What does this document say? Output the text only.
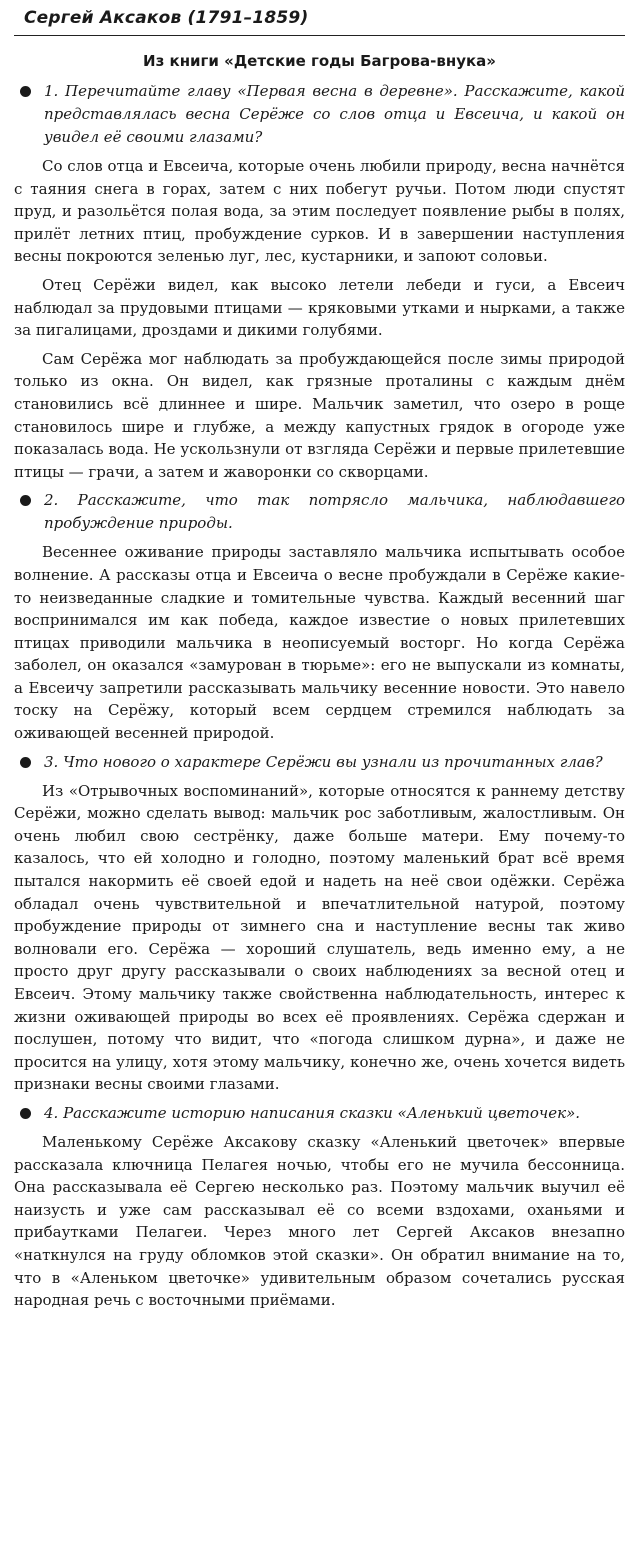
Сергей Аксаков (1791–1859)
Из книги «Детские годы Багрова-внука»
1. Перечитайте главу «Первая весна в деревне». Расскажите, какой представлялась весна Серёже со слов отца и Евсеича, и какой он увидел её своими глазами?

Со слов отца и Евсеича, которые очень любили природу, весна начнётся с таяния снега в горах, затем с них побегут ручьи. Потом люди спустят пруд, и разольётся полая вода, за этим последует появление рыбы в полях, прилёт летних птиц, пробуждение сурков. И в завершении наступления весны покроются зеленью луг, лес, кустарники, и запоют соловьи.

Отец Серёжи видел, как высоко летели лебеди и гуси, а Евсеич наблюдал за прудовыми птицами — кряковыми утками и нырками, а также за пигалицами, дроздами и дикими голубями.

Сам Серёжа мог наблюдать за пробуждающейся после зимы природой только из окна. Он видел, как грязные проталины с каждым днём становились всё длиннее и шире. Мальчик заметил, что озеро в роще становилось шире и глубже, а между капустных грядок в огороде уже показалась вода. Не ускользнули от взгляда Серёжи и первые прилетевшие птицы — грачи, а затем и жаворонки со скворцами.

2. Расскажите, что так потрясло мальчика, наблюдавшего пробуждение природы.

Весеннее оживание природы заставляло мальчика испытывать особое волнение. А рассказы отца и Евсеича о весне пробуждали в Серёже какие-то неизведанные сладкие и томительные чувства. Каждый весенний шаг воспринимался им как победа, каждое известие о новых прилетевших птицах приводили мальчика в неописуемый восторг. Но когда Серёжа заболел, он оказался «замурован в тюрьме»: его не выпускали из комнаты, а Евсеичу запретили рассказывать мальчику весенние новости. Это навело тоску на Серёжу, который всем сердцем стремился наблюдать за оживающей весенней природой.

3. Что нового о характере Серёжи вы узнали из прочитанных глав?

Из «Отрывочных воспоминаний», которые относятся к раннему детству Серёжи, можно сделать вывод: мальчик рос заботливым, жалостливым. Он очень любил свою сестрёнку, даже больше матери. Ему почему-то казалось, что ей холодно и голодно, поэтому маленький брат всё время пытался накормить её своей едой и надеть на неё свои одёжки. Серёжа обладал очень чувствительной и впечатлительной натурой, поэтому пробуждение природы от зимнего сна и наступление весны так живо волновали его. Серёжа — хороший слушатель, ведь именно ему, а не просто друг другу рассказывали о своих наблюдениях за весной отец и Евсеич. Этому мальчику также свойственна наблюдательность, интерес к жизни оживающей природы во всех её проявлениях. Серёжа сдержан и послушен, потому что видит, что «погода слишком дурна», и даже не просится на улицу, хотя этому мальчику, конечно же, очень хочется видеть признаки весны своими глазами.

4. Расскажите историю написания сказки «Аленький цветочек».

Маленькому Серёже Аксакову сказку «Аленький цветочек» впервые рассказала ключница Пелагея ночью, чтобы его не мучила бессонница. Она рассказывала её Сергею несколько раз. Поэтому мальчик выучил её наизусть и уже сам рассказывал её со всеми вздохами, оханьями и прибаутками Пелагеи. Через много лет Сергей Аксаков внезапно «наткнулся на груду обломков этой сказки». Он обратил внимание на то, что в «Аленьком цветочке» удивительным образом сочетались русская народная речь с восточными приёмами.
